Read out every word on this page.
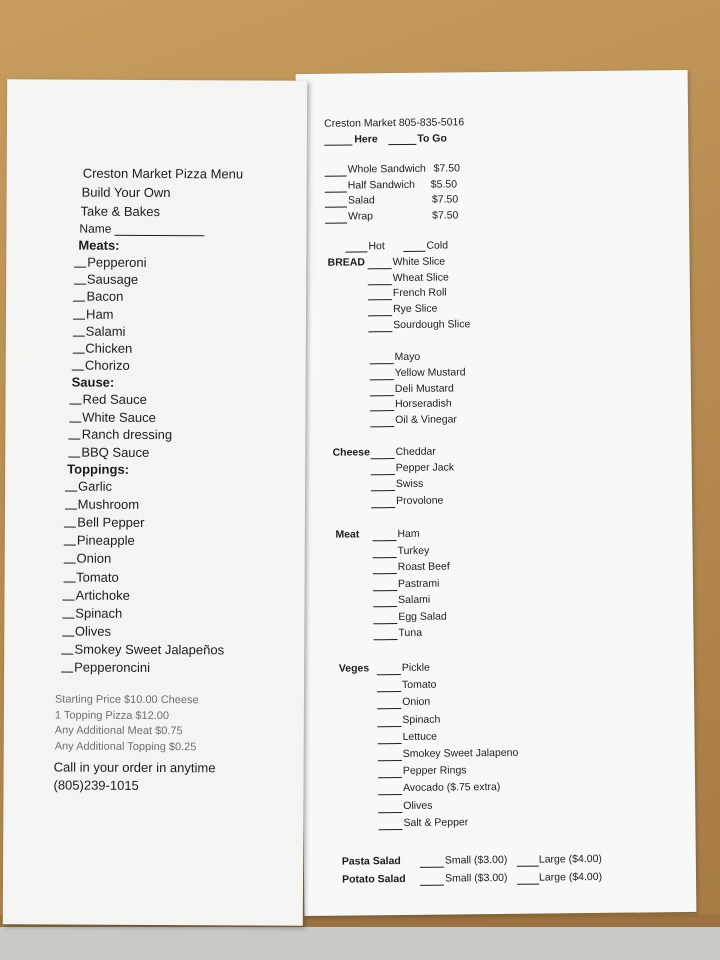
Creston Market 805-835-5016
Here	To Go
Whole Sandwich $7.50
Half Sandwich $5.50
Salad	$7.50
Wrap	$7.50
Hot	Cold
BREAD	White Slice
Wheat Slice
French Roll
Rye Slice
Sourdough Slice
Mayo
Yellow Mustard
Deli Mustard
Horseradish
Oil & Vinegar
Cheese Cheddar
Pepper Jack
Swiss
Provolone
Meat	Ham
Turkey
Roast Beef
Pastrami
Salami
Egg Salad
Tuna
Veges	Pickle
Tomato
Onion
Spinach
Lettuce
Smokey Sweet Jalapeno
Pepper Rings
Avocado ($.75 extra)
Olives
Salt & Pepper
Pasta Salad	Small ($3.00)	Large ($4.00)
Potato Salad	Small ($3.00)	Large ($4.00)
Creston Market Pizza Menu
Build Your Own
Take & Bakes
Name
Meats:
Pepperoni
Sausage
Bacon
Ham
Salami
Chicken
Chorizo
Sause:
Red Sauce
White Sauce
Ranch dressing
BBQ Sauce
Toppings:
Garlic
Mushroom
Bell Pepper
Pineapple
Onion
Tomato
Artichoke
Spinach
Olives
Smokey Sweet Jalapeños
Pepperoncini
Starting Price $10.00 Cheese
1 Topping Pizza $12.00
Any Additional Meat $0.75
Any Additional Topping $0.25
Call in your order in anytime
(805)239-1015
